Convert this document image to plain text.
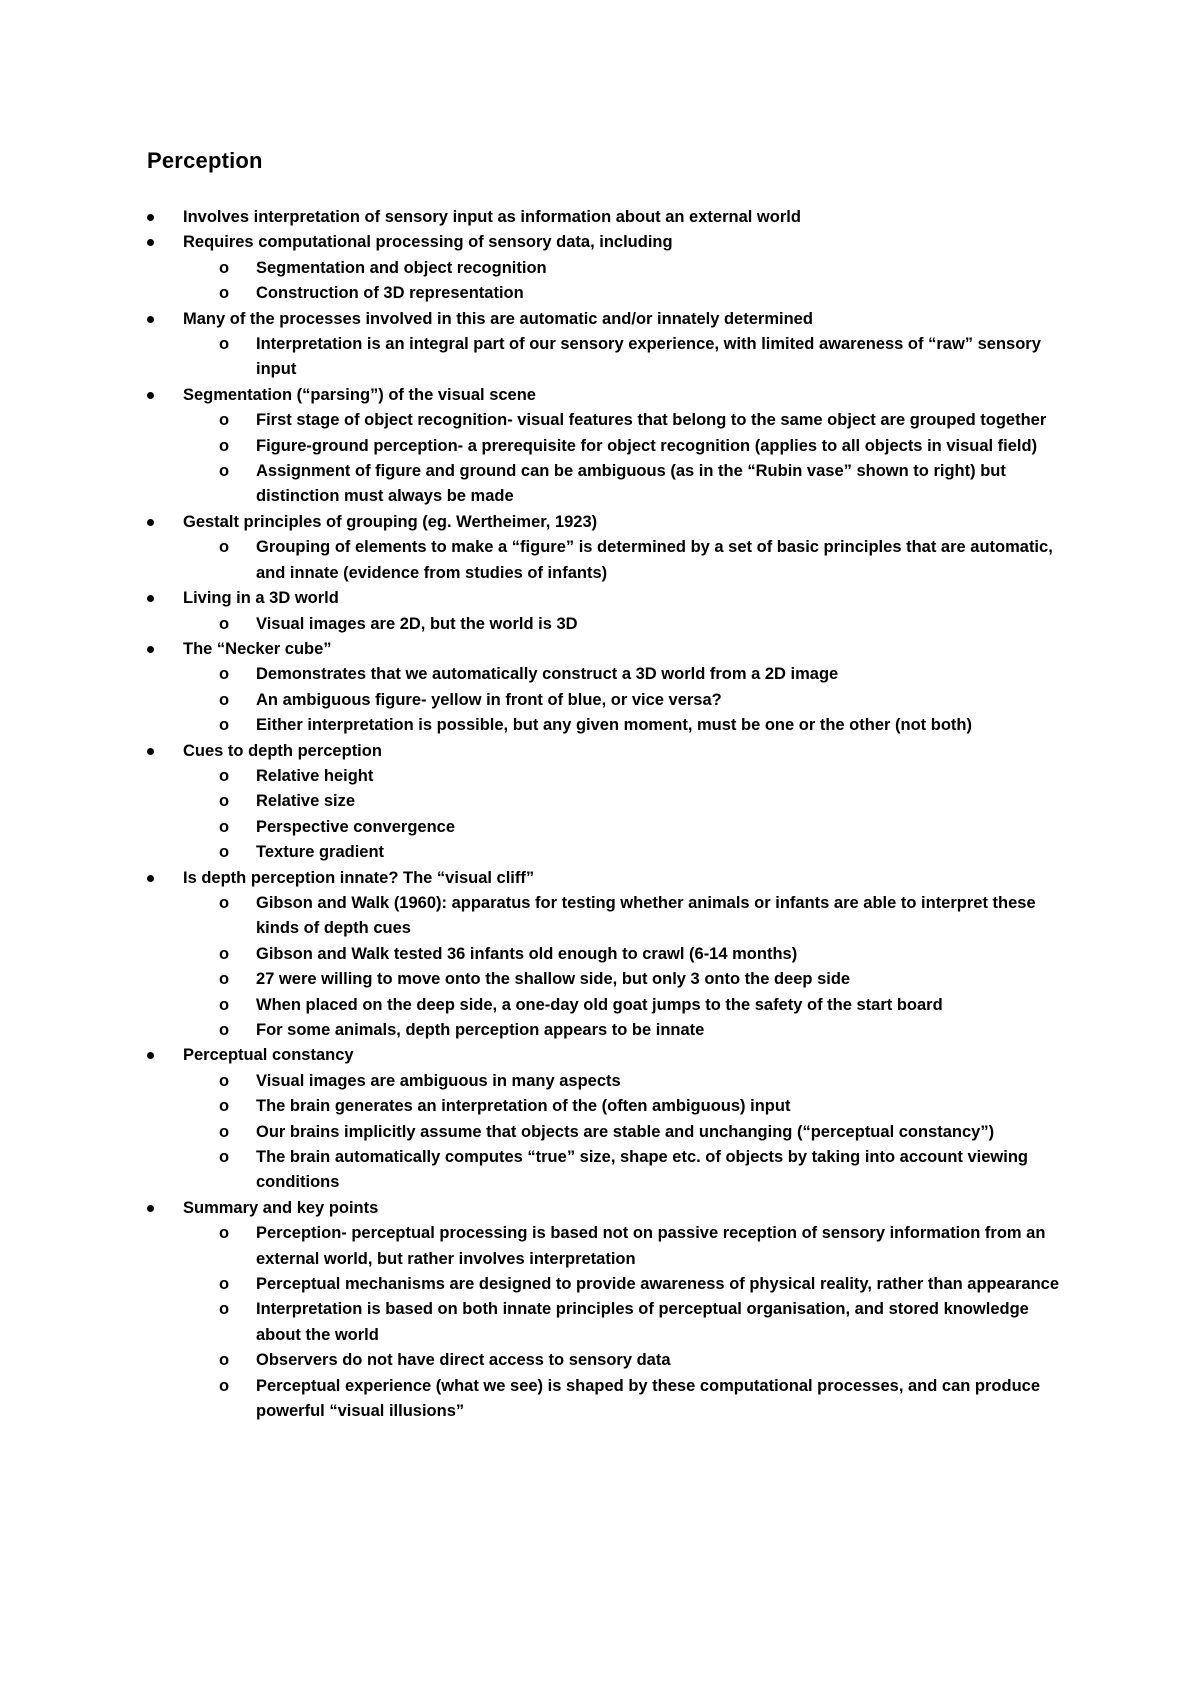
Perception
Involves interpretation of sensory input as information about an external world
Requires computational processing of sensory data, including
o Segmentation and object recognition
o Construction of 3D representation
Many of the processes involved in this are automatic and/or innately determined
o Interpretation is an integral part of our sensory experience, with limited awareness of “raw” sensory input
Segmentation (“parsing”) of the visual scene
o First stage of object recognition- visual features that belong to the same object are grouped together
o Figure-ground perception- a prerequisite for object recognition (applies to all objects in visual field)
o Assignment of figure and ground can be ambiguous (as in the “Rubin vase” shown to right) but distinction must always be made
Gestalt principles of grouping (eg. Wertheimer, 1923)
o Grouping of elements to make a “figure” is determined by a set of basic principles that are automatic, and innate (evidence from studies of infants)
Living in a 3D world
o Visual images are 2D, but the world is 3D
The “Necker cube”
o Demonstrates that we automatically construct a 3D world from a 2D image
o An ambiguous figure- yellow in front of blue, or vice versa?
o Either interpretation is possible, but any given moment, must be one or the other (not both)
Cues to depth perception
o Relative height
o Relative size
o Perspective convergence
o Texture gradient
Is depth perception innate? The “visual cliff”
o Gibson and Walk (1960): apparatus for testing whether animals or infants are able to interpret these kinds of depth cues
o Gibson and Walk tested 36 infants old enough to crawl (6-14 months)
o 27 were willing to move onto the shallow side, but only 3 onto the deep side
o When placed on the deep side, a one-day old goat jumps to the safety of the start board
o For some animals, depth perception appears to be innate
Perceptual constancy
o Visual images are ambiguous in many aspects
o The brain generates an interpretation of the (often ambiguous) input
o Our brains implicitly assume that objects are stable and unchanging (“perceptual constancy”)
o The brain automatically computes “true” size, shape etc. of objects by taking into account viewing conditions
Summary and key points
o Perception- perceptual processing is based not on passive reception of sensory information from an external world, but rather involves interpretation
o Perceptual mechanisms are designed to provide awareness of physical reality, rather than appearance
o Interpretation is based on both innate principles of perceptual organisation, and stored knowledge about the world
o Observers do not have direct access to sensory data
o Perceptual experience (what we see) is shaped by these computational processes, and can produce powerful “visual illusions”
